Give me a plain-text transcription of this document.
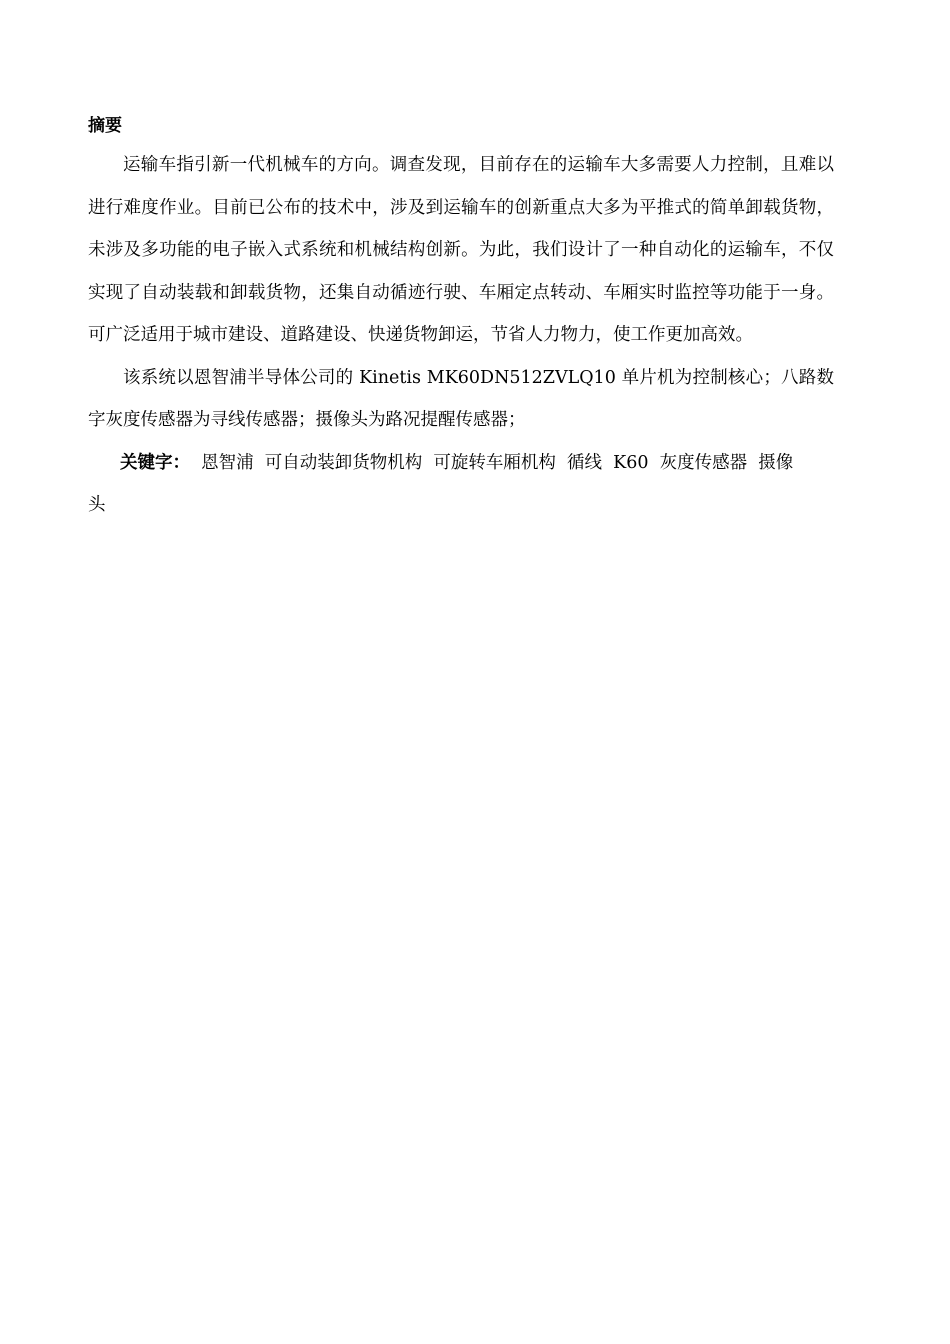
摘要

运输车指引新一代机械车的方向。调查发现，目前存在的运输车大多需要人力控制，且难以进行难度作业。目前已公布的技术中，涉及到运输车的创新重点大多为平推式的简单卸载货物，未涉及多功能的电子嵌入式系统和机械结构创新。为此，我们设计了一种自动化的运输车，不仅实现了自动装载和卸载货物，还集自动循迹行驶、车厢定点转动、车厢实时监控等功能于一身。可广泛适用于城市建设、道路建设、快递货物卸运，节省人力物力，使工作更加高效。

该系统以恩智浦半导体公司的 Kinetis MK60DN512ZVLQ10 单片机为控制核心；八路数字灰度传感器为寻线传感器；摄像头为路况提醒传感器；

关键字：  恩智浦  可自动装卸货物机构  可旋转车厢机构  循线  K60  灰度传感器  摄像
头
